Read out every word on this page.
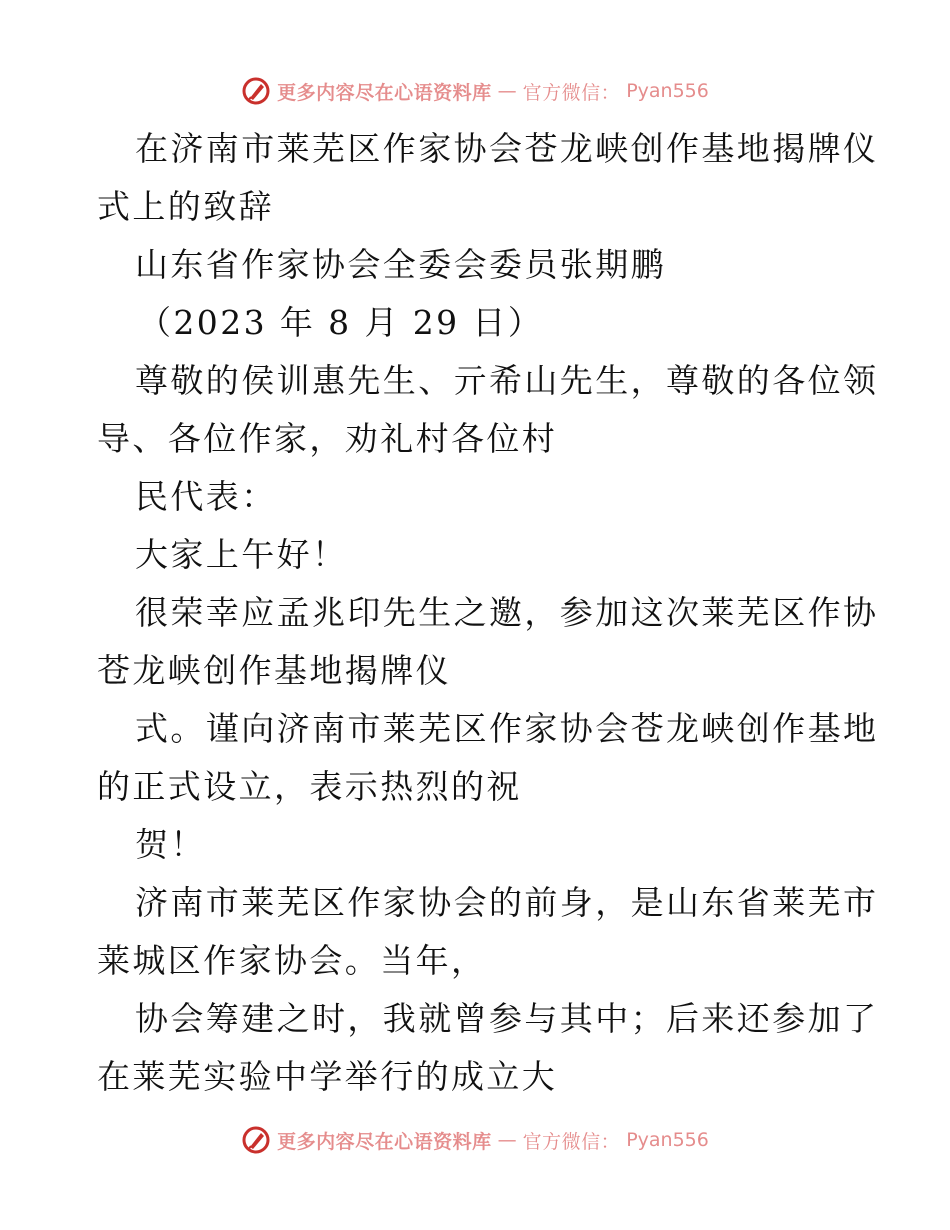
更多内容尽在心语资料库 — 官方微信： Pyan556
在济南市莱芜区作家协会苍龙峡创作基地揭牌仪
式上的致辞
山东省作家协会全委会委员张期鹏
（2023 年 8 月 29 日）
尊敬的侯训惠先生、亓希山先生，尊敬的各位领
导、各位作家，劝礼村各位村
民代表：
大家上午好！
很荣幸应孟兆印先生之邀，参加这次莱芜区作协
苍龙峡创作基地揭牌仪
式。谨向济南市莱芜区作家协会苍龙峡创作基地
的正式设立，表示热烈的祝
贺！
济南市莱芜区作家协会的前身，是山东省莱芜市
莱城区作家协会。当年，
协会筹建之时，我就曾参与其中；后来还参加了
在莱芜实验中学举行的成立大
更多内容尽在心语资料库 — 官方微信： Pyan556
